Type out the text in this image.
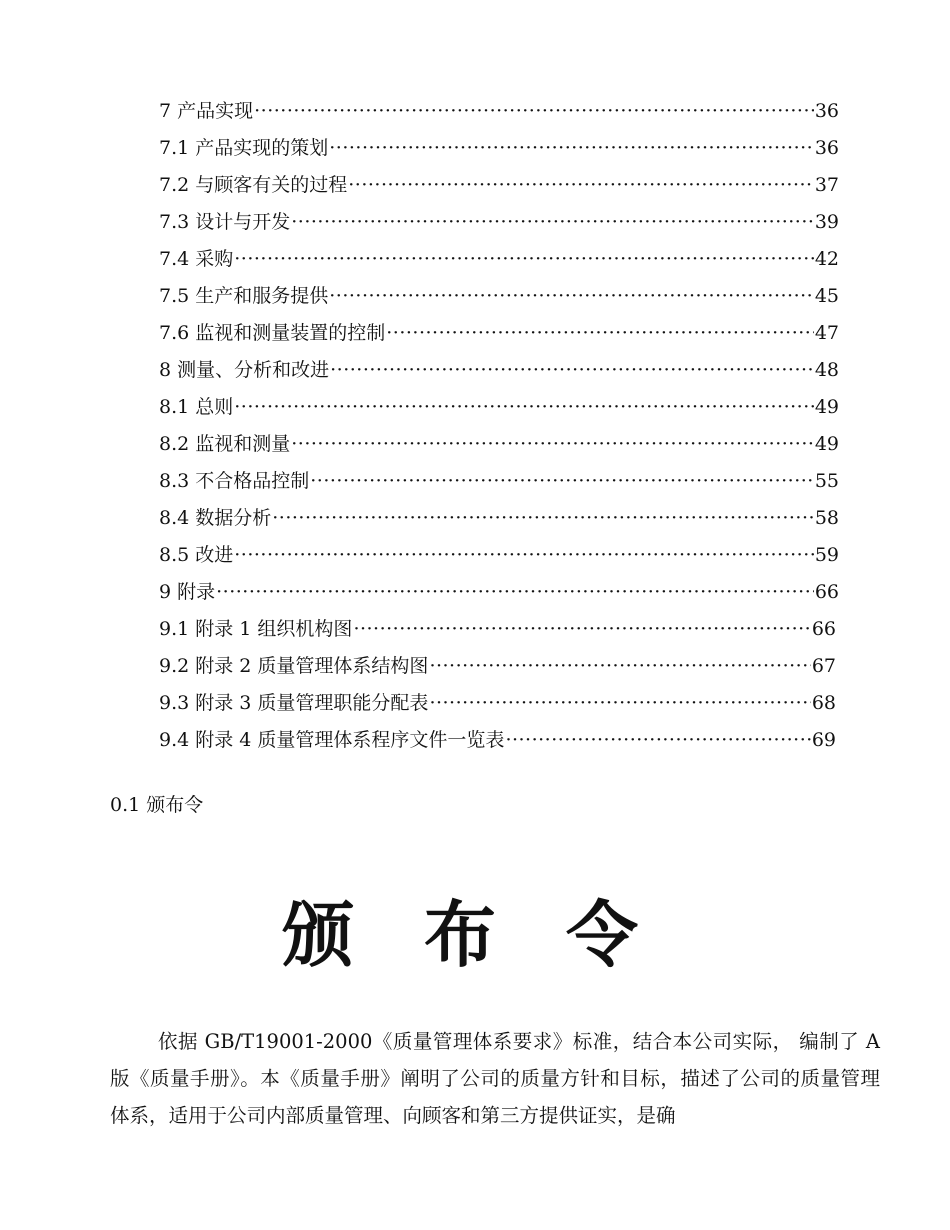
7 产品实现 ·····	36
7.1 产品实现的策划 ·····	36
7.2 与顾客有关的过程 ·····	37
7.3 设计与开发 ·····	39
7.4 采购 ·····	42
7.5 生产和服务提供 ·····	45
7.6 监视和测量装置的控制 ·····	47
8 测量、分析和改进 ·····	48
8.1 总则 ·····	49
8.2 监视和测量 ·····	49
8.3 不合格品控制 ·····	55
8.4 数据分析 ·····	58
8.5 改进 ·····	59
9 附录 ·····	66
9.1 附录 1 组织机构图 ·····	66
9.2 附录 2 质量管理体系结构图 ·····	67
9.3 附录 3 质量管理职能分配表 ·····	68
9.4 附录 4 质量管理体系程序文件一览表 ·····	69
0.1 颁布令
颁布令
依据 GB/T19001-2000《质量管理体系要求》标准，结合本公司实际， 编制了 A 版《质量手册》。本《质量手册》阐明了公司的质量方针和目标，描述了公司的质量管理体系，适用于公司内部质量管理、向顾客和第三方提供证实，是确
